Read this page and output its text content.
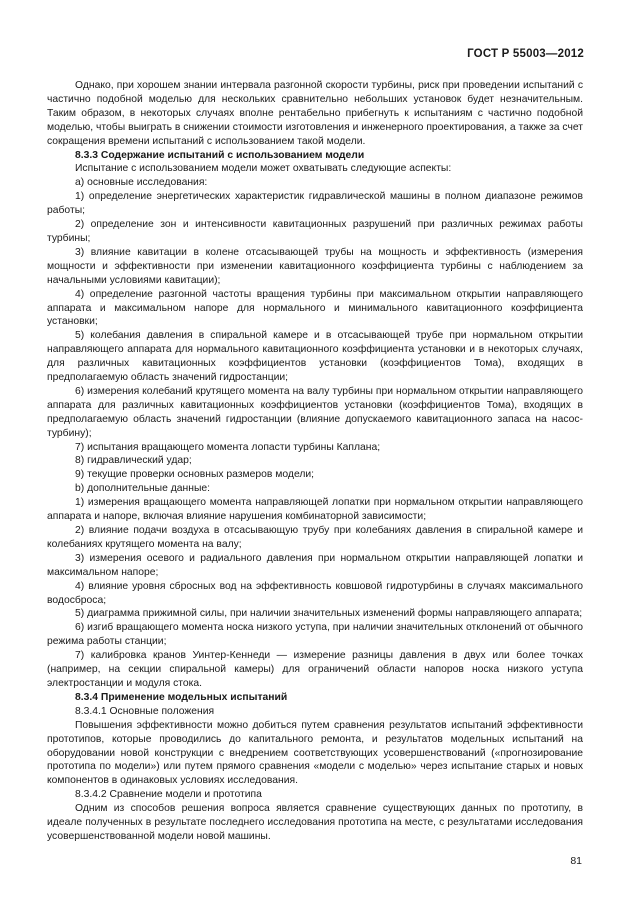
ГОСТ Р 55003—2012

Однако, при хорошем знании интервала разгонной скорости турбины, риск при проведении испытаний с частично подобной моделью для нескольких сравнительно небольших установок будет незначительным. Таким образом, в некоторых случаях вполне рентабельно прибегнуть к испытаниям с частично подобной моделью, чтобы выиграть в снижении стоимости изготовления и инженерного проектирования, а также за счет сокращения времени испытаний с использованием такой модели.

8.3.3 Содержание испытаний с использованием модели

Испытание с использованием модели может охватывать следующие аспекты:

а) основные исследования:

1) определение энергетических характеристик гидравлической машины в полном диапазоне режимов работы;

2) определение зон и интенсивности кавитационных разрушений при различных режимах работы турбины;

3) влияние кавитации в колене отсасывающей трубы на мощность и эффективность (измерения мощности и эффективности при изменении кавитационного коэффициента турбины с наблюдением за начальными условиями кавитации);

4) определение разгонной частоты вращения турбины при максимальном открытии направляющего аппарата и максимальном напоре для нормального и минимального кавитационного коэффициента установки;

5) колебания давления в спиральной камере и в отсасывающей трубе при нормальном открытии направляющего аппарата для нормального кавитационного коэффициента установки и в некоторых случаях, для различных кавитационных коэффициентов установки (коэффициентов Тома), входящих в предполагаемую область значений гидростанции;

6) измерения колебаний крутящего момента на валу турбины при нормальном открытии направляющего аппарата для различных кавитационных коэффициентов установки (коэффициентов Тома), входящих в предполагаемую область значений гидростанции (влияние допускаемого кавитационного запаса на насос-турбину);

7) испытания вращающего момента лопасти турбины Каплана;

8) гидравлический удар;

9) текущие проверки основных размеров модели;

b) дополнительные данные:

1) измерения вращающего момента направляющей лопатки при нормальном открытии направляющего аппарата и напоре, включая влияние нарушения комбинаторной зависимости;

2) влияние подачи воздуха в отсасывающую трубу при колебаниях давления в спиральной камере и колебаниях крутящего момента на валу;

3) измерения осевого и радиального давления при нормальном открытии направляющей лопатки и максимальном напоре;

4) влияние уровня сбросных вод на эффективность ковшовой гидротурбины в случаях максимального водосброса;

5) диаграмма прижимной силы, при наличии значительных изменений формы направляющего аппарата;

6) изгиб вращающего момента носка низкого уступа, при наличии значительных отклонений от обычного режима работы станции;

7) калибровка кранов Уинтер-Кеннеди — измерение разницы давления в двух или более точках (например, на секции спиральной камеры) для ограничений области напоров носка низкого уступа электростанции и модуля стока.

8.3.4 Применение модельных испытаний

8.3.4.1 Основные положения

Повышения эффективности можно добиться путем сравнения результатов испытаний эффективности прототипов, которые проводились до капитального ремонта, и результатов модельных испытаний на оборудовании новой конструкции с внедрением соответствующих усовершенствований («прогнозирование прототипа по модели») или путем прямого сравнения «модели с моделью» через испытание старых и новых компонентов в одинаковых условиях исследования.

8.3.4.2 Сравнение модели и прототипа

Одним из способов решения вопроса является сравнение существующих данных по прототипу, в идеале полученных в результате последнего исследования прототипа на месте, с результатами исследования усовершенствованной модели новой машины.

81
